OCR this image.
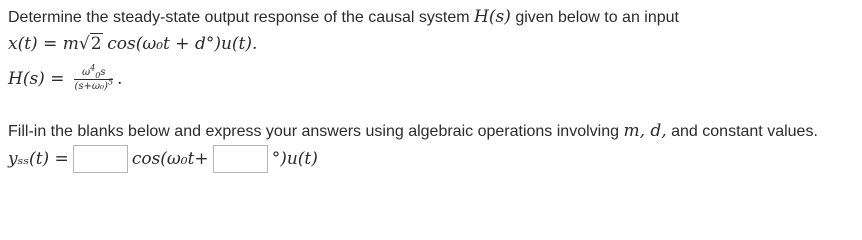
Determine the steady-state output response of the causal system H(s) given below to an input
x(t) = m √ 2 cos(ω₀t + d°)u(t).
$H(s) = \frac{\omega^4_0s}{(s+\omega_0)^5}$ .
Fill-in the blanks below and express your answers using algebraic operations involving m, d, and constant values.
yₛₛ(t) =	cos(ω₀t+	°)u(t)
